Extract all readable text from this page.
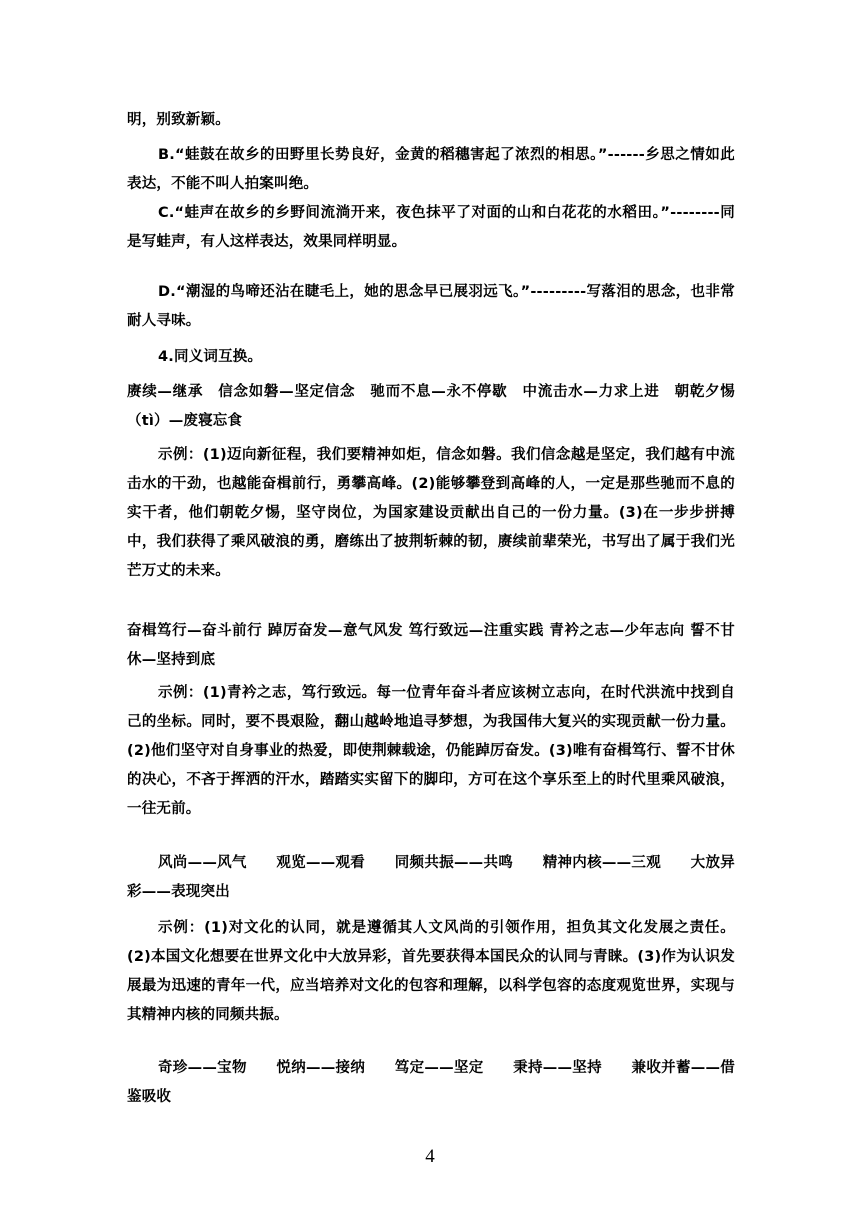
明，别致新颖。

B.“蛙鼓在故乡的田野里长势良好，金黄的稻穗害起了浓烈的相思。”------乡思之情如此表达，不能不叫人拍案叫绝。

C.“蛙声在故乡的乡野间流淌开来，夜色抹平了对面的山和白花花的水稻田。”--------同是写蛙声，有人这样表达，效果同样明显。

D.“潮湿的鸟啼还沾在睫毛上，她的思念早已展羽远飞。”---------写落泪的思念，也非常耐人寻味。

4.同义词互换。

赓续—继承　信念如磐—坚定信念　驰而不息—永不停歇　中流击水—力求上进　朝乾夕惕（tì）—废寝忘食

示例：(1)迈向新征程，我们要精神如炬，信念如磐。我们信念越是坚定，我们越有中流击水的干劲，也越能奋楫前行，勇攀高峰。(2)能够攀登到高峰的人，一定是那些驰而不息的实干者，他们朝乾夕惕，坚守岗位，为国家建设贡献出自己的一份力量。(3)在一步步拼搏中，我们获得了乘风破浪的勇，磨练出了披荆斩棘的韧，赓续前辈荣光，书写出了属于我们光芒万丈的未来。

奋楫笃行—奋斗前行 踔厉奋发—意气风发 笃行致远—注重实践 青衿之志—少年志向 誓不甘休—坚持到底

示例：(1)青衿之志，笃行致远。每一位青年奋斗者应该树立志向，在时代洪流中找到自己的坐标。同时，要不畏艰险，翻山越岭地追寻梦想，为我国伟大复兴的实现贡献一份力量。(2)他们坚守对自身事业的热爱，即使荆棘载途，仍能踔厉奋发。(3)唯有奋楫笃行、誓不甘休的决心，不吝于挥洒的汗水，踏踏实实留下的脚印，方可在这个享乐至上的时代里乘风破浪，一往无前。

风尚——风气　　观览——观看　　同频共振——共鸣　　精神内核——三观　　大放异彩——表现突出

示例：(1)对文化的认同，就是遵循其人文风尚的引领作用，担负其文化发展之责任。(2)本国文化想要在世界文化中大放异彩，首先要获得本国民众的认同与青睐。(3)作为认识发展最为迅速的青年一代，应当培养对文化的包容和理解，以科学包容的态度观览世界，实现与其精神内核的同频共振。

奇珍——宝物　　悦纳——接纳　　笃定——坚定　　秉持——坚持　　兼收并蓄——借鉴吸收

4
